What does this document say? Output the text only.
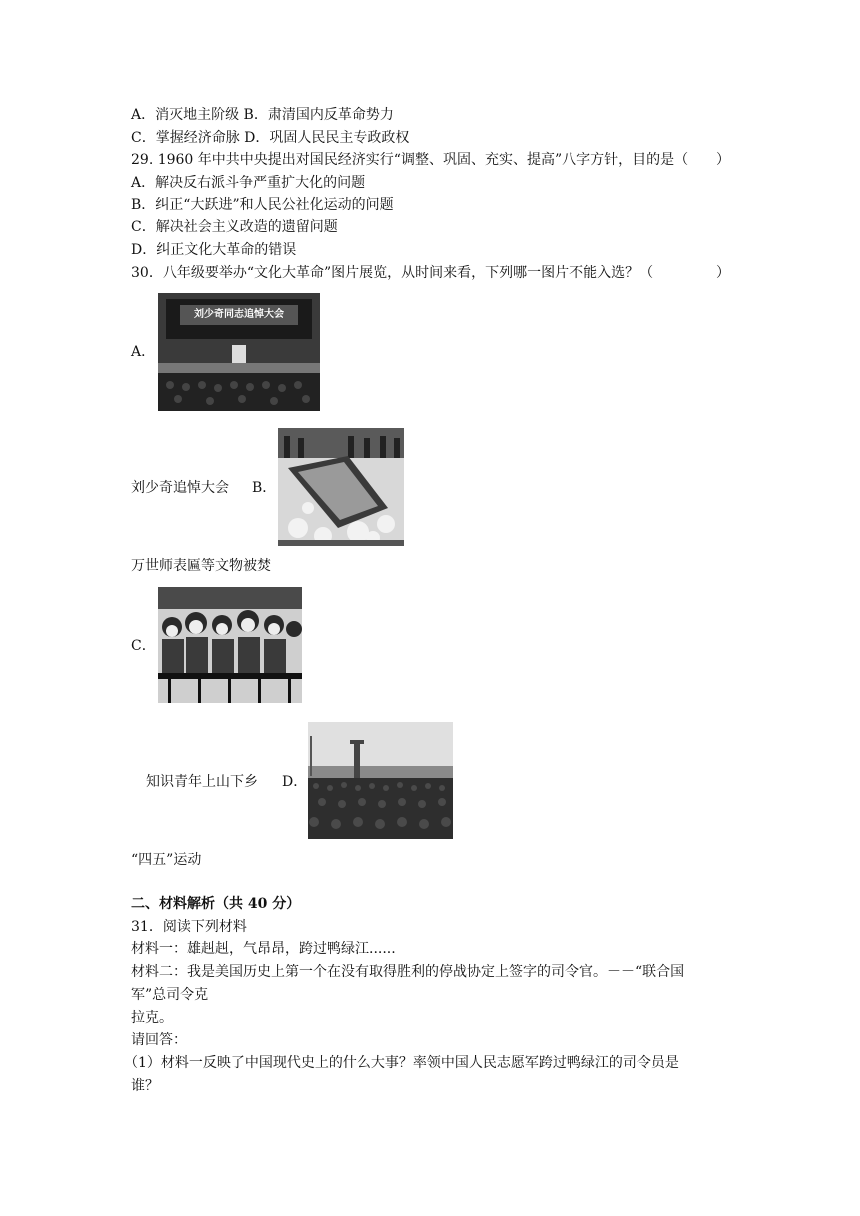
A．消灭地主阶级 B．肃清国内反革命势力
C．掌握经济命脉 D．巩固人民民主专政政权
29. 1960 年中共中央提出对国民经济实行“调整、巩固、充实、提高”八字方针，目的是（ ）
A．解决反右派斗争严重扩大化的问题
B．纠正“大跃进”和人民公社化运动的问题
C．解决社会主义改造的遗留问题
D．纠正文化大革命的错误
30．八年级要举办“文化大革命”图片展览，从时间来看，下列哪一图片不能入选？（	）
A．
刘少奇同志追悼大会
刘少奇追悼大会 B．
万世师表匾等文物被焚
C．
知识青年上山下乡 D．
“四五”运动
二、材料解析（共 40 分）
31．阅读下列材料
材料一：雄赳赳，气昂昂，跨过鸭绿江......
材料二：我是美国历史上第一个在没有取得胜利的停战协定上签字的司令官。－－“联合国
军”总司令克
拉克。
请回答：
（1）材料一反映了中国现代史上的什么大事？率领中国人民志愿军跨过鸭绿江的司令员是
谁？
